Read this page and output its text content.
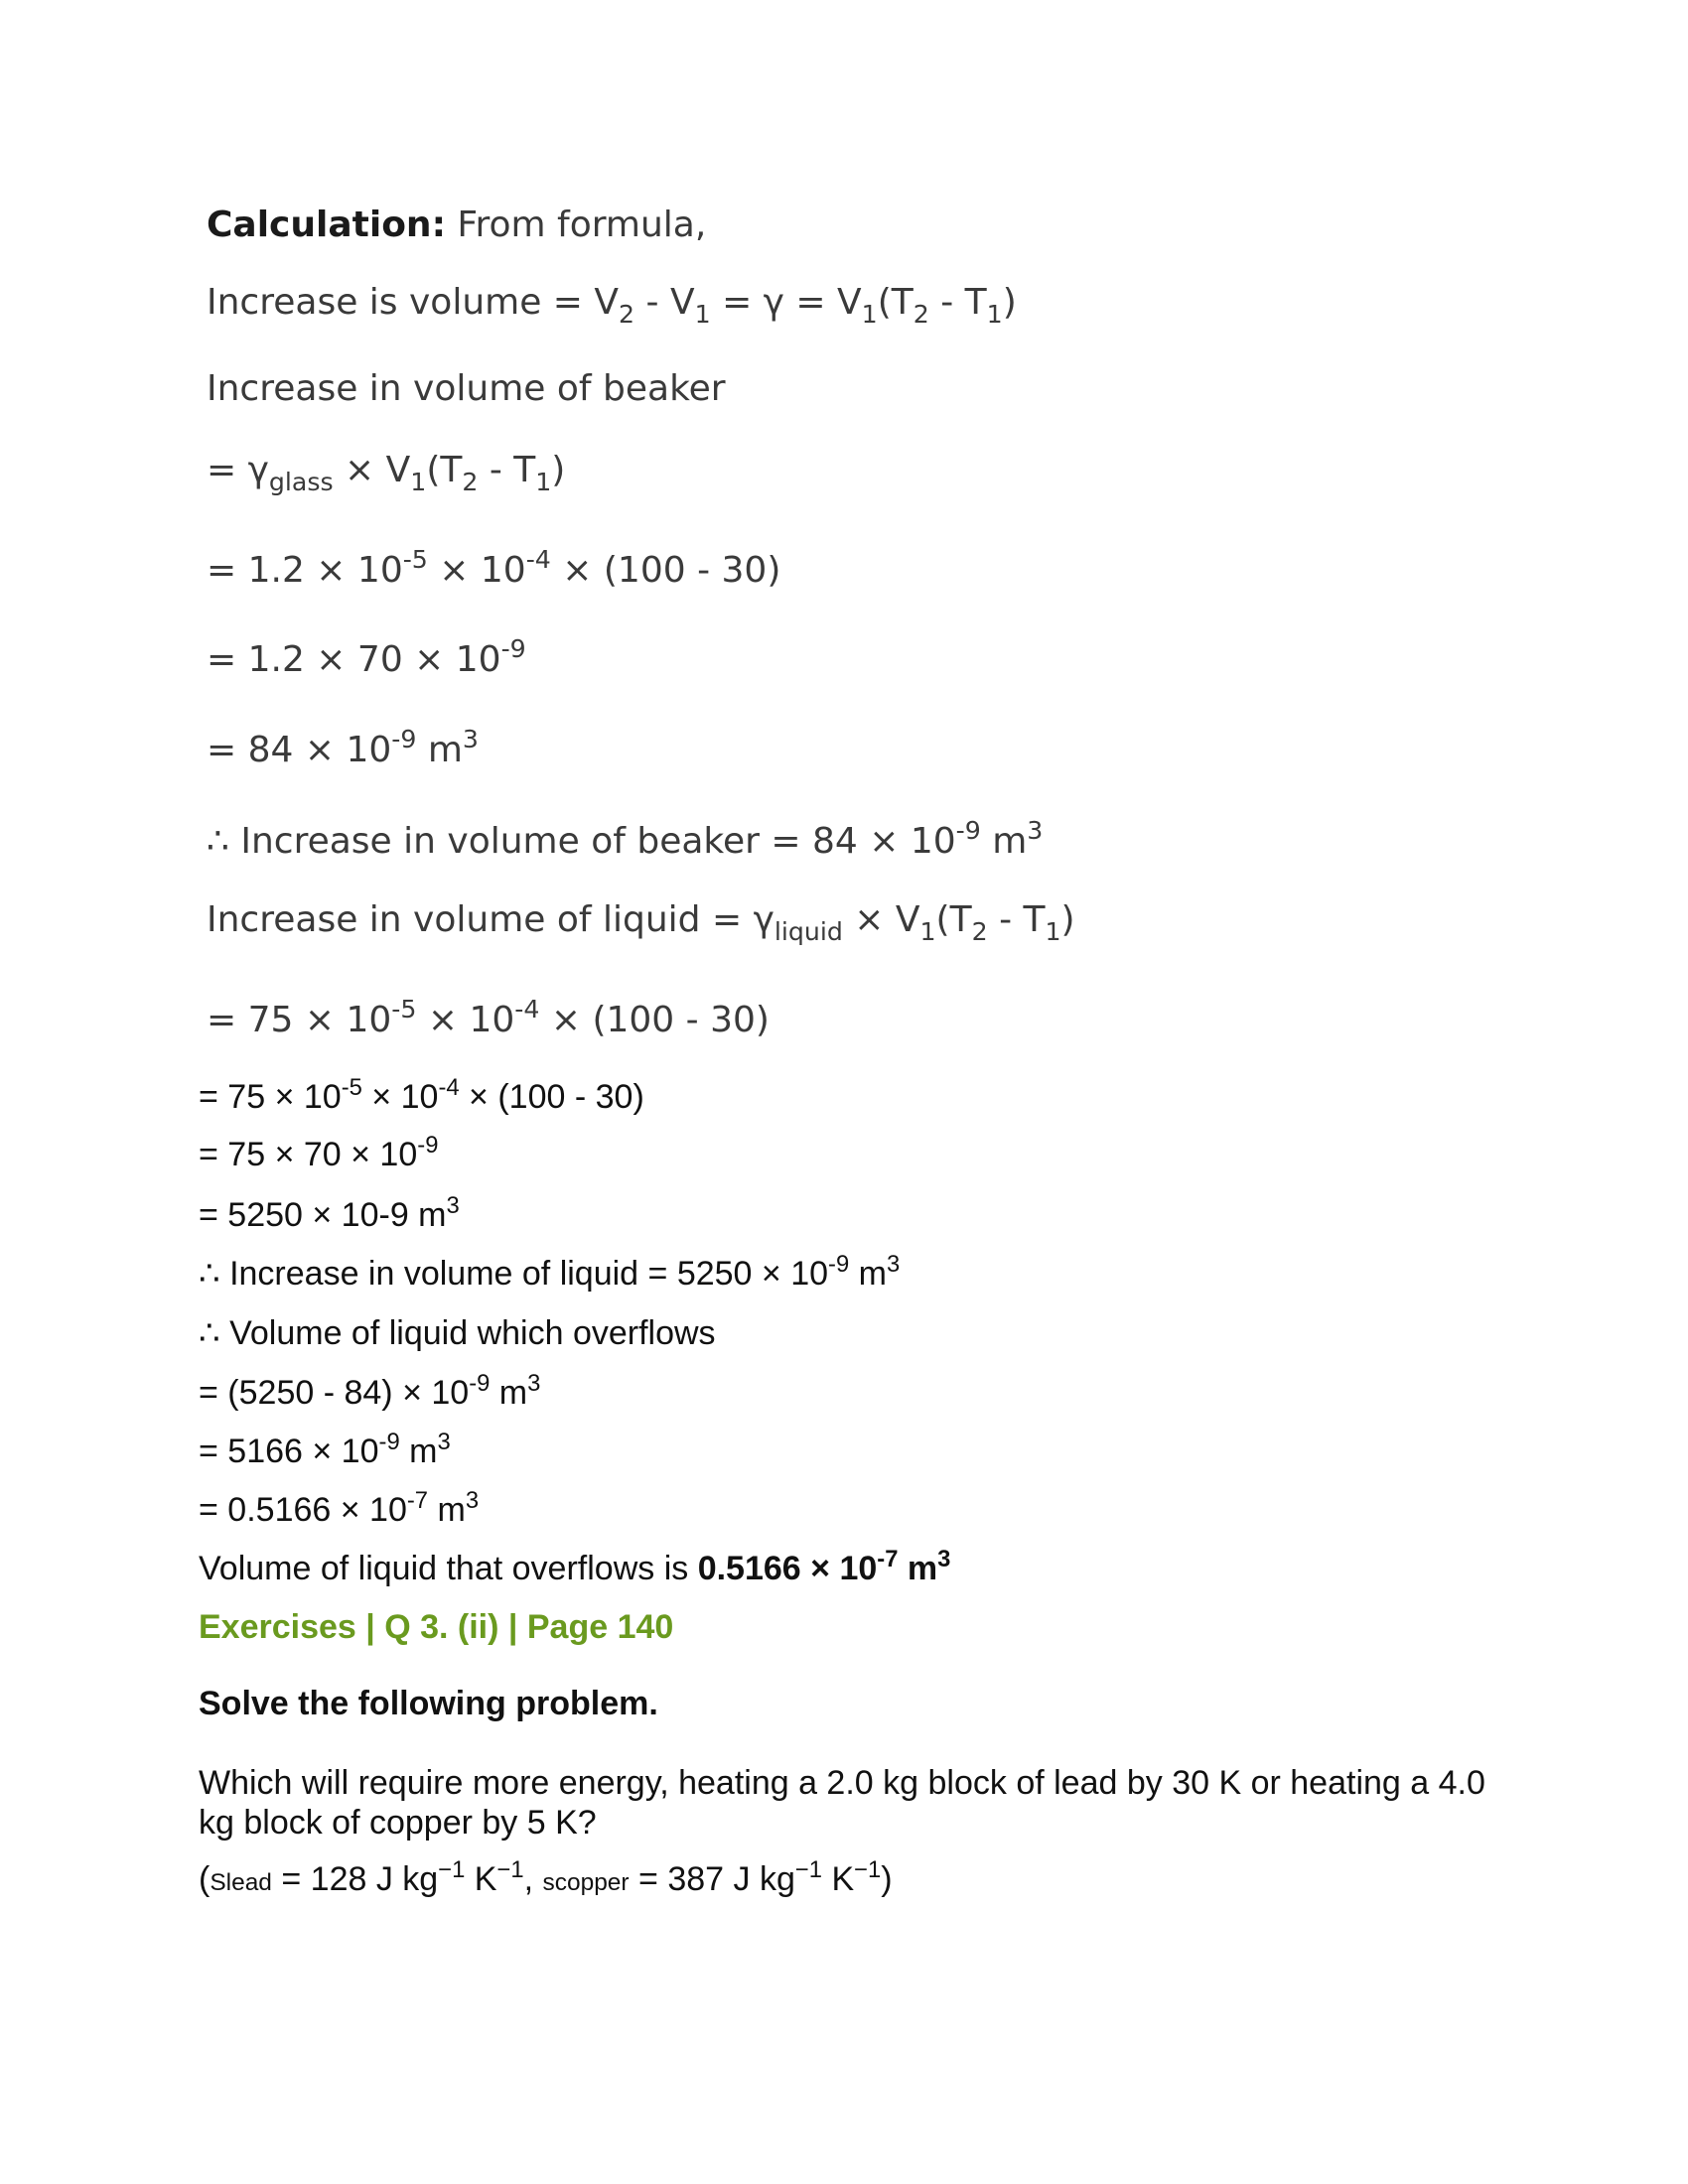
Calculation: From formula,
Increase is volume = $V_2 - V_1 = \gamma = V_1(T_2 - T_1)$
Increase in volume of beaker
= $\gamma_{glass} \times V_1(T_2 - T_1)$
= $1.2 \times 10^{-5} \times 10^{-4} \times (100 - 30)$
= $1.2 \times 70 \times 10^{-9}$
= $84 \times 10^{-9}$ $m^3$
∴ Increase in volume of beaker = $84 \times 10^{-9}$ $m^3$
Increase in volume of liquid = $\gamma_{liquid} \times V_1(T_2 - T_1)$
= $75 \times 10^{-5} \times 10^{-4} \times (100 - 30)$
= $75 \times 10^{-5} \times 10^{-4} \times (100 - 30)$
= $75 \times 70 \times 10^{-9}$
= 5250 × 10-9 $m^3$
∴ Increase in volume of liquid = $5250 \times 10^{-9}$ $m^3$
∴ Volume of liquid which overflows
= $(5250 - 84) \times 10^{-9}$ $m^3$
= $5166 \times 10^{-9}$ $m^3$
= $0.5166 \times 10^{-7}$ $m^3$
Volume of liquid that overflows is $0.5166 \times 10^{-7}$ $m^3$
Exercises | Q 3. (ii) | Page 140
Solve the following problem.
Which will require more energy, heating a 2.0 kg block of lead by 30 K or heating a 4.0 kg block of copper by 5 K?
(Slead = 128 J $kg^{-1}$ $K^{-1}$, scopper = 387 J $kg^{-1}$ $K^{-1}$)
